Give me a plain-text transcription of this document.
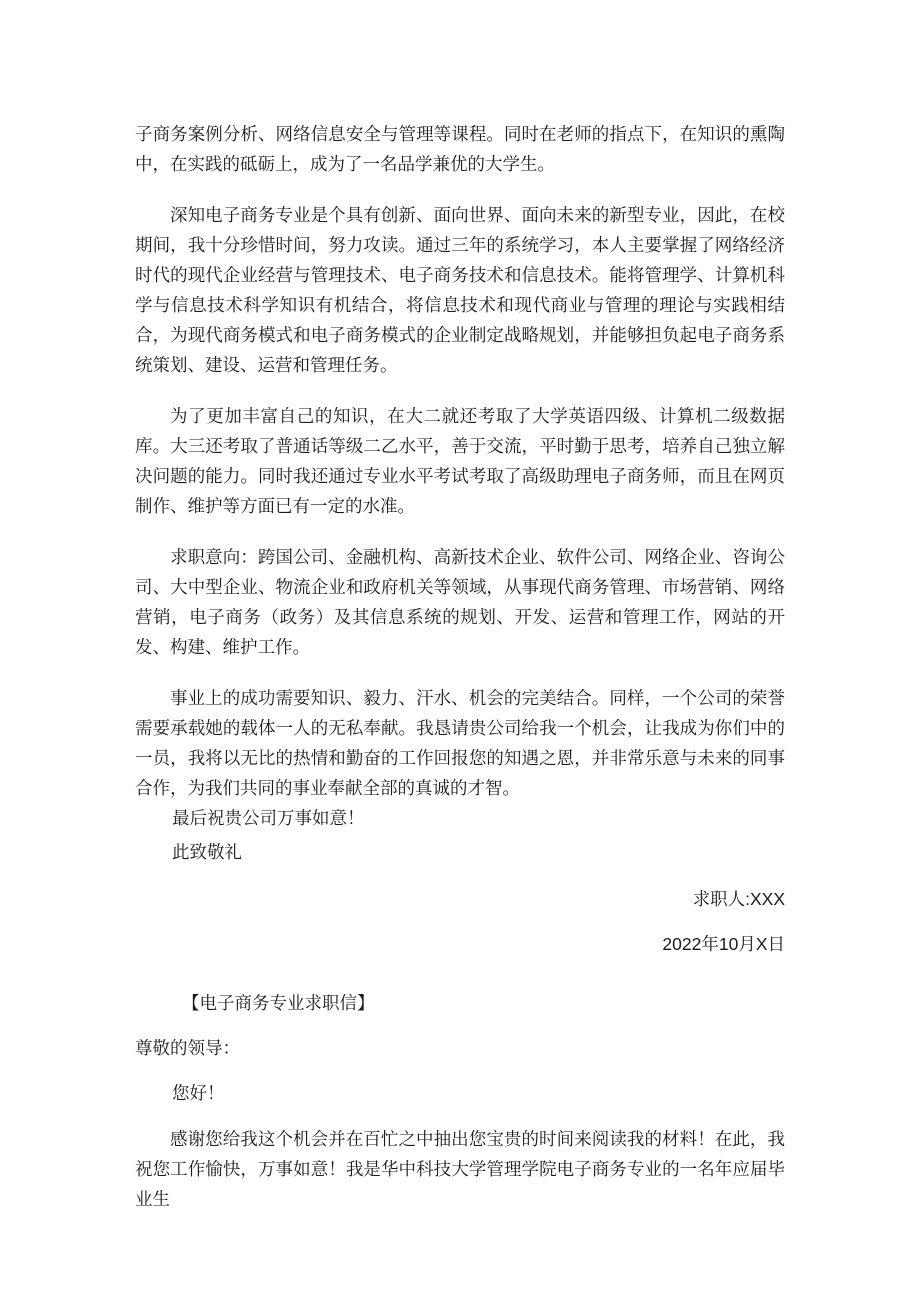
子商务案例分析、网络信息安全与管理等课程。同时在老师的指点下，在知识的熏陶中，在实践的砥砺上，成为了一名品学兼优的大学生。

深知电子商务专业是个具有创新、面向世界、面向未来的新型专业，因此，在校期间，我十分珍惜时间，努力攻读。通过三年的系统学习，本人主要掌握了网络经济时代的现代企业经营与管理技术、电子商务技术和信息技术。能将管理学、计算机科学与信息技术科学知识有机结合，将信息技术和现代商业与管理的理论与实践相结合，为现代商务模式和电子商务模式的企业制定战略规划，并能够担负起电子商务系统策划、建设、运营和管理任务。

为了更加丰富自己的知识，在大二就还考取了大学英语四级、计算机二级数据库。大三还考取了普通话等级二乙水平，善于交流，平时勤于思考，培养自己独立解决问题的能力。同时我还通过专业水平考试考取了高级助理电子商务师，而且在网页制作、维护等方面已有一定的水准。

求职意向：跨国公司、金融机构、高新技术企业、软件公司、网络企业、咨询公司、大中型企业、物流企业和政府机关等领域，从事现代商务管理、市场营销、网络营销，电子商务（政务）及其信息系统的规划、开发、运营和管理工作，网站的开发、构建、维护工作。

事业上的成功需要知识、毅力、汗水、机会的完美结合。同样，一个公司的荣誉需要承载她的载体一人的无私奉献。我恳请贵公司给我一个机会，让我成为你们中的一员，我将以无比的热情和勤奋的工作回报您的知遇之恩，并非常乐意与未来的同事合作，为我们共同的事业奉献全部的真诚的才智。

最后祝贵公司万事如意！

此致敬礼

求职人:XXX

2022年10月X日

【电子商务专业求职信】

尊敬的领导：

您好！

感谢您给我这个机会并在百忙之中抽出您宝贵的时间来阅读我的材料！在此，我祝您工作愉快，万事如意！我是华中科技大学管理学院电子商务专业的一名年应届毕业生
